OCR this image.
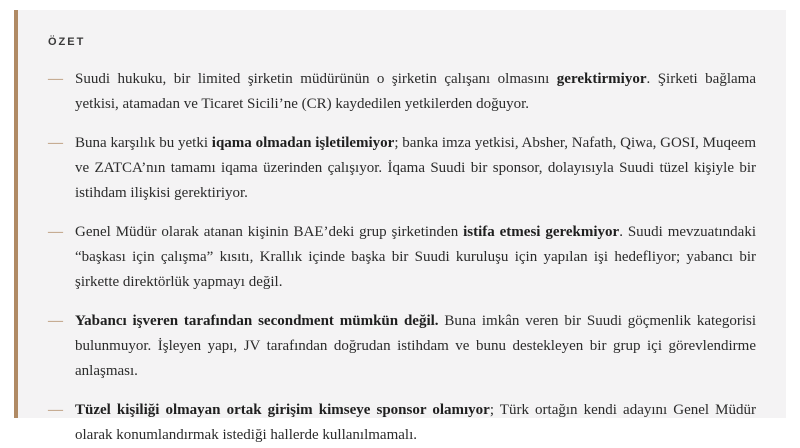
ÖZET
— Suudi hukuku, bir limited şirketin müdürünün o şirketin çalışanı olmasını gerektirmiyor. Şirketi bağlama yetkisi, atamadan ve Ticaret Sicili’ne (CR) kaydedilen yetkilerden doğuyor.
— Buna karşılık bu yetki iqama olmadan işletilemiyor; banka imza yetkisi, Absher, Nafath, Qiwa, GOSI, Muqeem ve ZATCA’nın tamamı iqama üzerinden çalışıyor. İqama Suudi bir sponsor, dolayısıyla Suudi tüzel kişiyle bir istihdam ilişkisi gerektiriyor.
— Genel Müdür olarak atanan kişinin BAE’deki grup şirketinden istifa etmesi gerekmiyor. Suudi mevzuatındaki “başkası için çalışma” kısıtı, Krallık içinde başka bir Suudi kuruluşu için yapılan işi hedefliyor; yabancı bir şirkette direktörlük yapmayı değil.
— Yabancı işveren tarafından secondment mümkün değil. Buna imkân veren bir Suudi göçmenlik kategorisi bulunmuyor. İşleyen yapı, JV tarafından doğrudan istihdam ve bunu destekleyen bir grup içi görevlendirme anlaşması.
— Tüzel kişiliği olmayan ortak girişim kimseye sponsor olamıyor; Türk ortağın kendi adayını Genel Müdür olarak konumlandırmak istediği hallerde kullanılmamalı.
